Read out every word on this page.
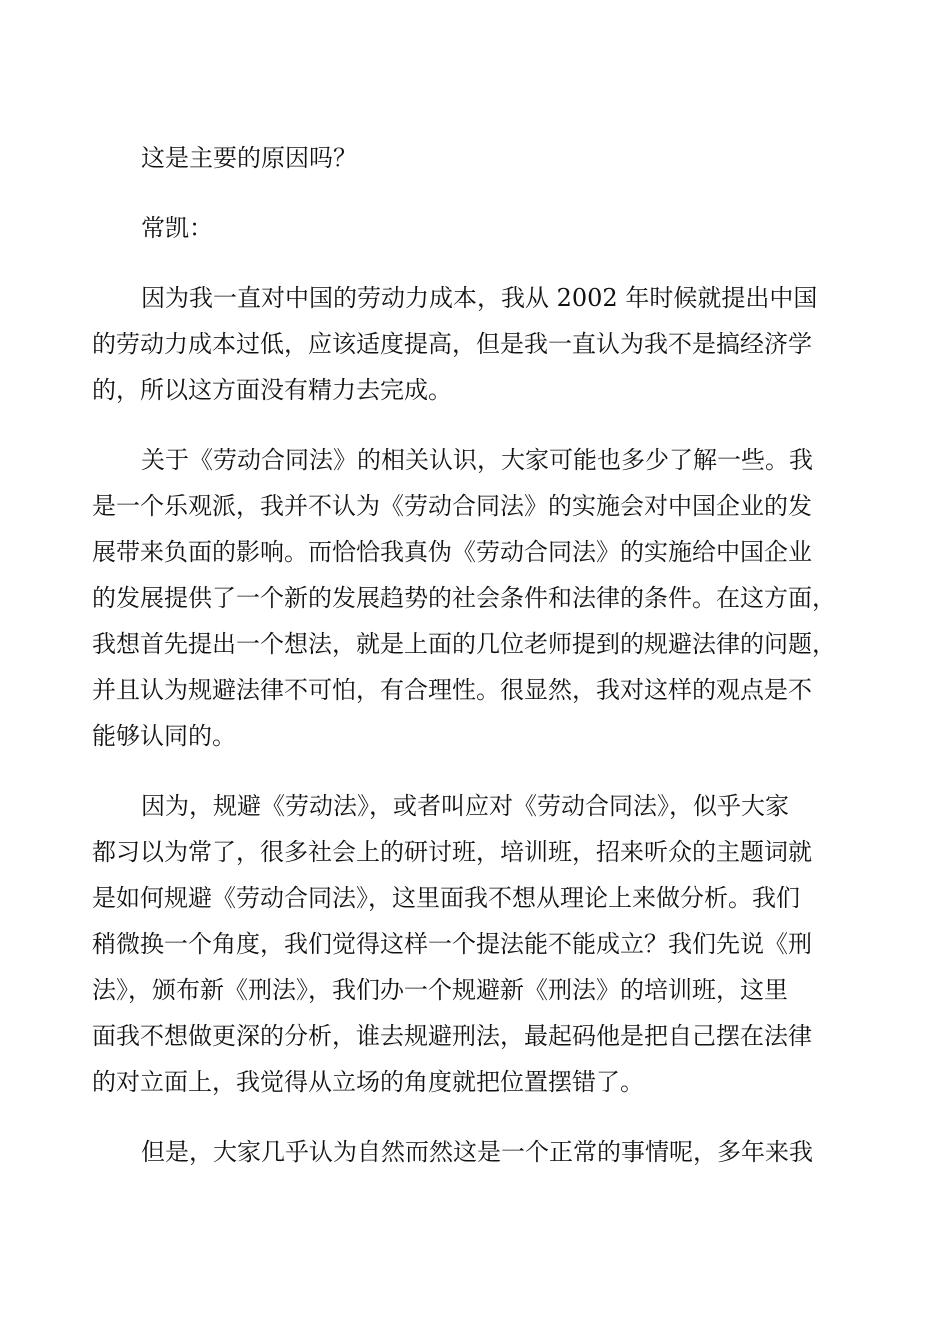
这是主要的原因吗？
常凯：
因为我一直对中国的劳动力成本，我从 2002 年时候就提出中国
的劳动力成本过低，应该适度提高，但是我一直认为我不是搞经济学
的，所以这方面没有精力去完成。
关于《劳动合同法》的相关认识，大家可能也多少了解一些。我
是一个乐观派，我并不认为《劳动合同法》的实施会对中国企业的发
展带来负面的影响。而恰恰我真伪《劳动合同法》的实施给中国企业
的发展提供了一个新的发展趋势的社会条件和法律的条件。在这方面，
我想首先提出一个想法，就是上面的几位老师提到的规避法律的问题，
并且认为规避法律不可怕，有合理性。很显然，我对这样的观点是不
能够认同的。
因为，规避《劳动法》，或者叫应对《劳动合同法》，似乎大家
都习以为常了，很多社会上的研讨班，培训班，招来听众的主题词就
是如何规避《劳动合同法》，这里面我不想从理论上来做分析。我们
稍微换一个角度，我们觉得这样一个提法能不能成立？我们先说《刑
法》，颁布新《刑法》，我们办一个规避新《刑法》的培训班，这里
面我不想做更深的分析，谁去规避刑法，最起码他是把自己摆在法律
的对立面上，我觉得从立场的角度就把位置摆错了。
但是，大家几乎认为自然而然这是一个正常的事情呢，多年来我
